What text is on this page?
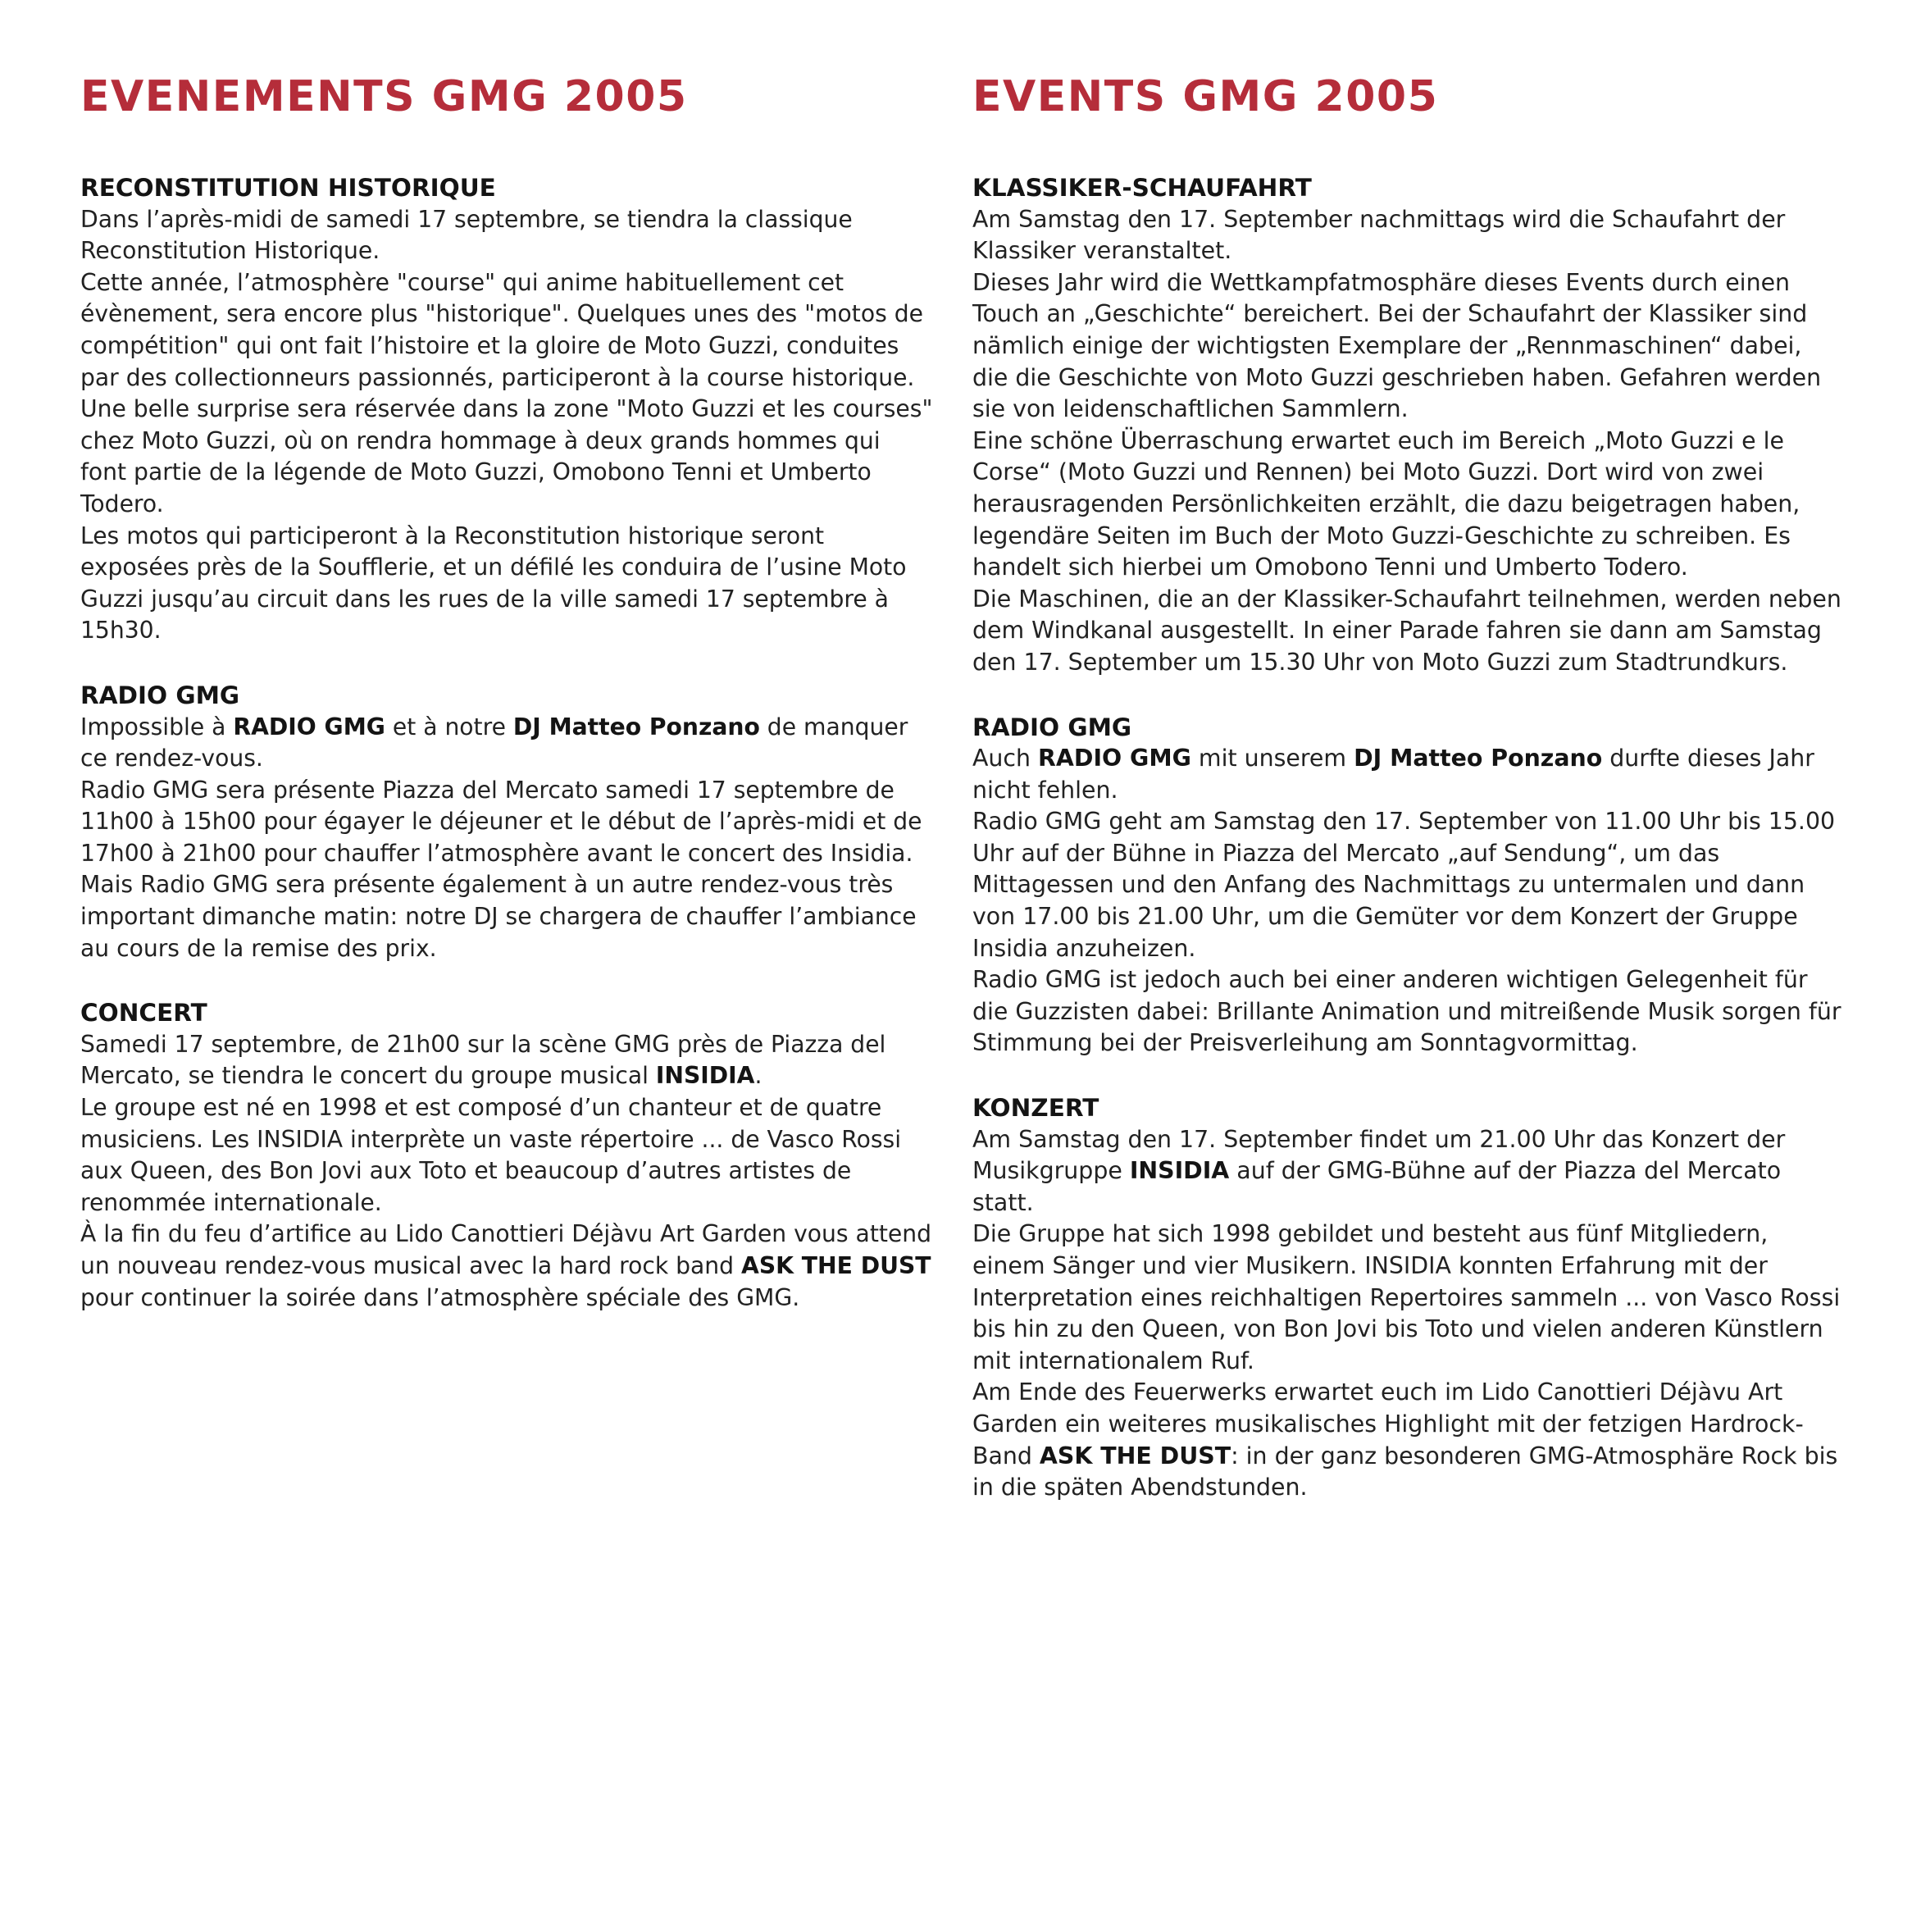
EVENEMENTS GMG 2005
RECONSTITUTION HISTORIQUE

Dans l’après-midi de samedi 17 septembre, se tiendra la classique Reconstitution Historique.

Cette année, l’atmosphère "course" qui anime habituellement cet évènement, sera encore plus "historique". Quelques unes des "motos de compétition" qui ont fait l’histoire et la gloire de Moto Guzzi, conduites par des collectionneurs passionnés, participeront à la course historique.

Une belle surprise sera réservée dans la zone "Moto Guzzi et les courses" chez Moto Guzzi, où on rendra hommage à deux grands hommes qui font partie de la légende de Moto Guzzi, Omobono Tenni et Umberto Todero.

Les motos qui participeront à la Reconstitution historique seront exposées près de la Soufflerie, et un défilé les conduira de l’usine Moto Guzzi jusqu’au circuit dans les rues de la ville samedi 17 septembre à 15h30.

RADIO GMG

Impossible à RADIO GMG et à notre DJ Matteo Ponzano de manquer ce rendez-vous.

Radio GMG sera présente Piazza del Mercato samedi 17 septembre de 11h00 à 15h00 pour égayer le déjeuner et le début de l’après-midi et de 17h00 à 21h00 pour chauffer l’atmosphère avant le concert des Insidia.

Mais Radio GMG sera présente également à un autre rendez-vous très important dimanche matin: notre DJ se chargera de chauffer l’ambiance au cours de la remise des prix.

CONCERT

Samedi 17 septembre, de 21h00 sur la scène GMG près de Piazza del Mercato, se tiendra le concert du groupe musical INSIDIA.

Le groupe est né en 1998 et est composé d’un chanteur et de quatre musiciens. Les INSIDIA interprète un vaste répertoire ... de Vasco Rossi aux Queen, des Bon Jovi aux Toto et beaucoup d’autres artistes de renommée internationale.

À la fin du feu d’artifice au Lido Canottieri Déjàvu Art Garden vous attend un nouveau rendez-vous musical avec la hard rock band ASK THE DUST pour continuer la soirée dans l’atmosphère spéciale des GMG.

EVENTS GMG 2005
KLASSIKER-SCHAUFAHRT

Am Samstag den 17. September nachmittags wird die Schaufahrt der Klassiker veranstaltet.

Dieses Jahr wird die Wettkampfatmosphäre dieses Events durch einen Touch an „Geschichte“ bereichert. Bei der Schaufahrt der Klassiker sind nämlich einige der wichtigsten Exemplare der „Rennmaschinen“ dabei, die die Geschichte von Moto Guzzi geschrieben haben. Gefahren werden sie von leidenschaftlichen Sammlern.

Eine schöne Überraschung erwartet euch im Bereich „Moto Guzzi e le Corse“ (Moto Guzzi und Rennen) bei Moto Guzzi. Dort wird von zwei herausragenden Persönlichkeiten erzählt, die dazu beigetragen haben, legendäre Seiten im Buch der Moto Guzzi-Geschichte zu schreiben. Es handelt sich hierbei um Omobono Tenni und Umberto Todero.

Die Maschinen, die an der Klassiker-Schaufahrt teilnehmen, werden neben dem Windkanal ausgestellt. In einer Parade fahren sie dann am Samstag den 17. September um 15.30 Uhr von Moto Guzzi zum Stadtrundkurs.

RADIO GMG

Auch RADIO GMG mit unserem DJ Matteo Ponzano durfte dieses Jahr nicht fehlen.

Radio GMG geht am Samstag den 17. September von 11.00 Uhr bis 15.00 Uhr auf der Bühne in Piazza del Mercato „auf Sendung“, um das Mittagessen und den Anfang des Nachmittags zu untermalen und dann von 17.00 bis 21.00 Uhr, um die Gemüter vor dem Konzert der Gruppe Insidia anzuheizen.

Radio GMG ist jedoch auch bei einer anderen wichtigen Gelegenheit für die Guzzisten dabei: Brillante Animation und mitreißende Musik sorgen für Stimmung bei der Preisverleihung am Sonntagvormittag.

KONZERT

Am Samstag den 17. September findet um 21.00 Uhr das Konzert der Musikgruppe INSIDIA auf der GMG-Bühne auf der Piazza del Mercato statt.

Die Gruppe hat sich 1998 gebildet und besteht aus fünf Mitgliedern, einem Sänger und vier Musikern. INSIDIA konnten Erfahrung mit der Interpretation eines reichhaltigen Repertoires sammeln ... von Vasco Rossi bis hin zu den Queen, von Bon Jovi bis Toto und vielen anderen Künstlern mit internationalem Ruf.

Am Ende des Feuerwerks erwartet euch im Lido Canottieri Déjàvu Art Garden ein weiteres musikalisches Highlight mit der fetzigen Hardrock-Band ASK THE DUST: in der ganz besonderen GMG-Atmosphäre Rock bis in die späten Abendstunden.
